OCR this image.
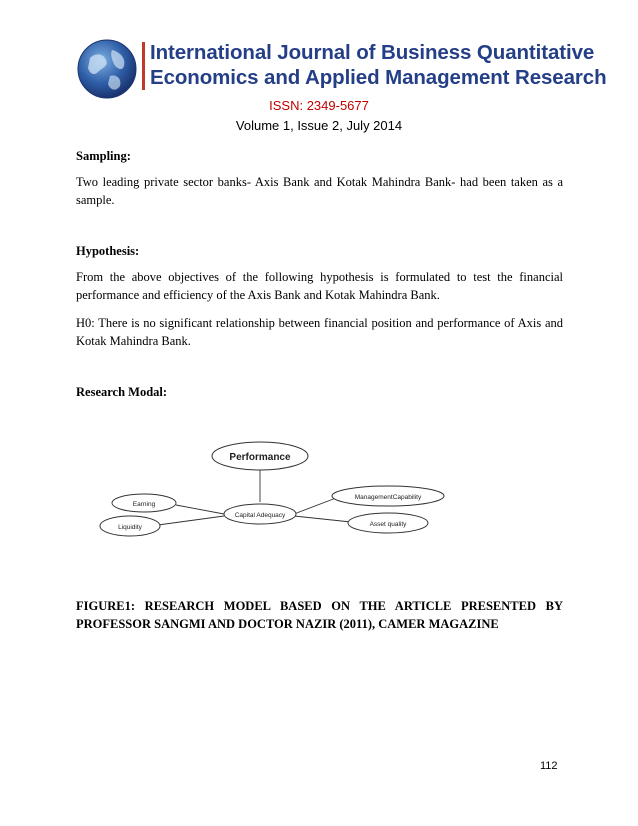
International Journal of Business Quantitative
Economics and Applied Management Research
ISSN: 2349-5677
Volume 1, Issue 2, July 2014
Sampling:
Two leading private sector banks- Axis Bank and Kotak Mahindra Bank- had been taken as a sample.
Hypothesis:
From the above objectives of the following hypothesis is formulated to test the financial performance and efficiency of the Axis Bank and Kotak Mahindra Bank.
H0: There is no significant relationship between financial position and performance of Axis and Kotak Mahindra Bank.
Research Modal:
Performance
Capital Adequacy
Earning
Liquidity
ManagementCapability
Asset quality
FIGURE1: RESEARCH MODEL BASED ON THE ARTICLE PRESENTED BY PROFESSOR SANGMI AND DOCTOR NAZIR (2011), CAMER MAGAZINE
112
